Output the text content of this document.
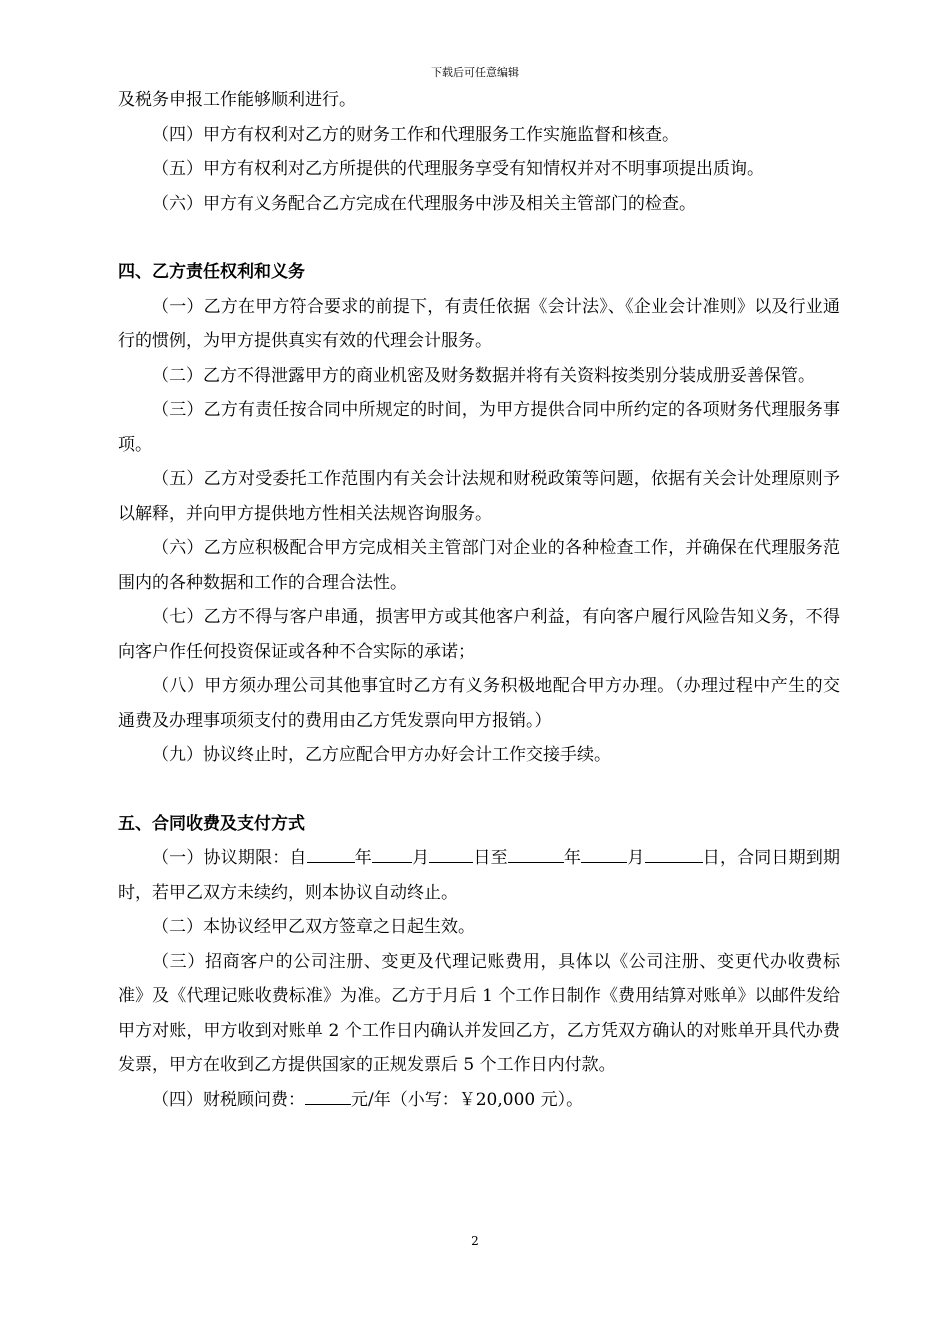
下载后可任意编辑

及税务申报工作能够顺利进行。

（四）甲方有权利对乙方的财务工作和代理服务工作实施监督和核查。

（五）甲方有权利对乙方所提供的代理服务享受有知情权并对不明事项提出质询。

（六）甲方有义务配合乙方完成在代理服务中涉及相关主管部门的检查。

四、乙方责任权利和义务

（一）乙方在甲方符合要求的前提下，有责任依据《会计法》、《企业会计准则》以及行业通行的惯例，为甲方提供真实有效的代理会计服务。

（二）乙方不得泄露甲方的商业机密及财务数据并将有关资料按类别分装成册妥善保管。

（三）乙方有责任按合同中所规定的时间，为甲方提供合同中所约定的各项财务代理服务事项。

（五）乙方对受委托工作范围内有关会计法规和财税政策等问题，依据有关会计处理原则予以解释，并向甲方提供地方性相关法规咨询服务。

（六）乙方应积极配合甲方完成相关主管部门对企业的各种检查工作，并确保在代理服务范围内的各种数据和工作的合理合法性。

（七）乙方不得与客户串通，损害甲方或其他客户利益，有向客户履行风险告知义务，不得向客户作任何投资保证或各种不合实际的承诺；

（八）甲方须办理公司其他事宜时乙方有义务积极地配合甲方办理。（办理过程中产生的交通费及办理事项须支付的费用由乙方凭发票向甲方报销。）

（九）协议终止时，乙方应配合甲方办好会计工作交接手续。

五、合同收费及支付方式

（一）协议期限：自	年 月	日至	年	月	日，合同日期到期时，若甲乙双方未续约，则本协议自动终止。

（二）本协议经甲乙双方签章之日起生效。

（三）招商客户的公司注册、变更及代理记账费用，具体以《公司注册、变更代办收费标准》及《代理记账收费标准》为准。乙方于月后 1 个工作日制作《费用结算对账单》以邮件发给甲方对账，甲方收到对账单 2 个工作日内确认并发回乙方，乙方凭双方确认的对账单开具代办费发票，甲方在收到乙方提供国家的正规发票后 5 个工作日内付款。

（四）财税顾问费：	元/年（小写：￥20,000 元）。

2
